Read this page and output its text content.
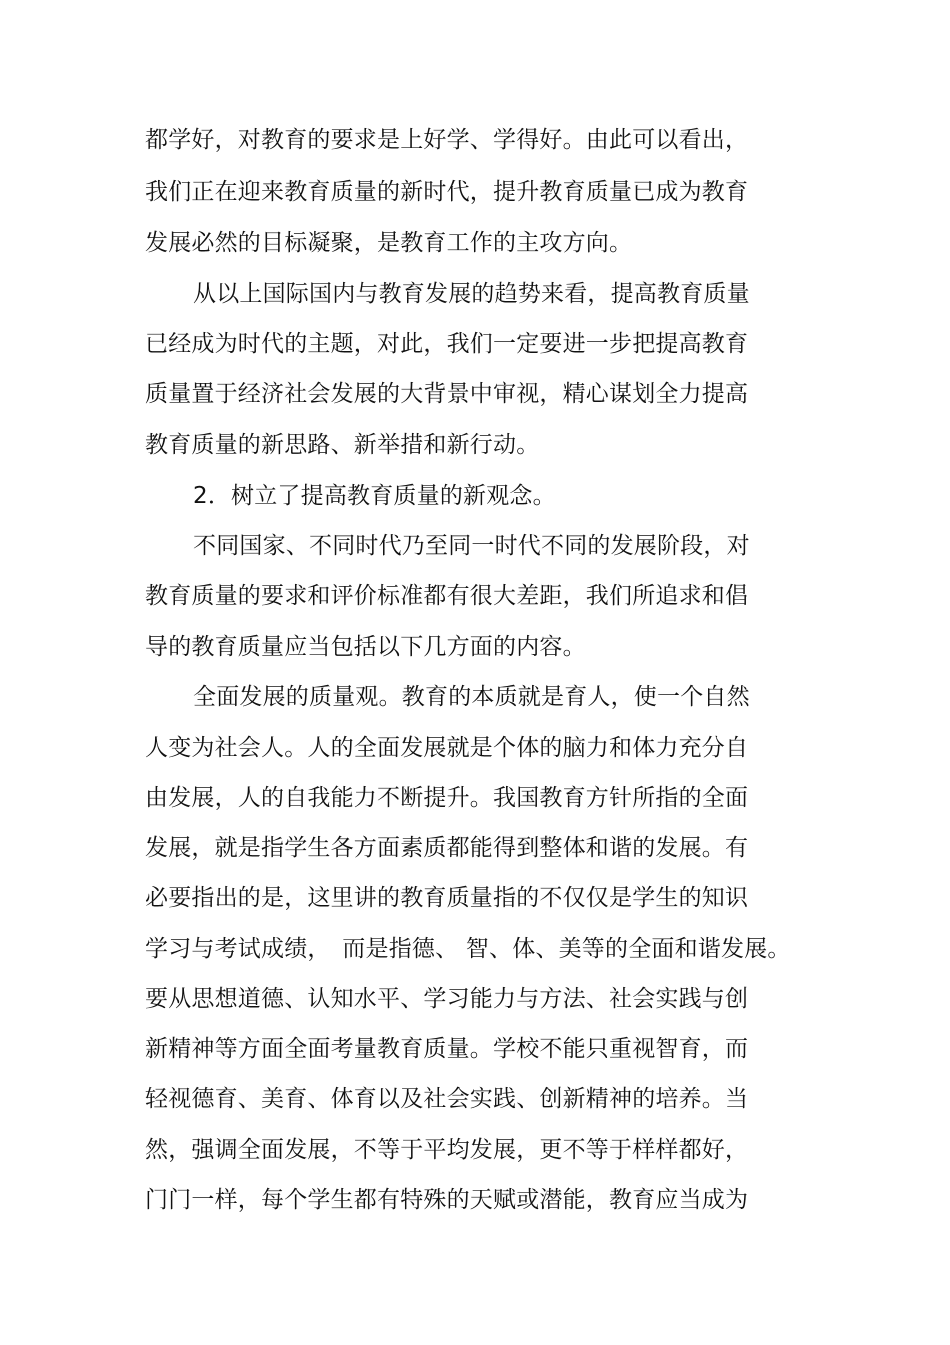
都学好，对教育的要求是上好学、学得好。由此可以看出，
我们正在迎来教育质量的新时代，提升教育质量已成为教育
发展必然的目标凝聚，是教育工作的主攻方向。
从以上国际国内与教育发展的趋势来看，提高教育质量
已经成为时代的主题，对此，我们一定要进一步把提高教育
质量置于经济社会发展的大背景中审视，精心谋划全力提高
教育质量的新思路、新举措和新行动。
2．树立了提高教育质量的新观念。
不同国家、不同时代乃至同一时代不同的发展阶段，对
教育质量的要求和评价标准都有很大差距，我们所追求和倡
导的教育质量应当包括以下几方面的内容。
全面发展的质量观。教育的本质就是育人，使一个自然
人变为社会人。人的全面发展就是个体的脑力和体力充分自
由发展，人的自我能力不断提升。我国教育方针所指的全面
发展，就是指学生各方面素质都能得到整体和谐的发展。有
必要指出的是，这里讲的教育质量指的不仅仅是学生的知识
学习与考试成绩，　而是指德、 智、体、美等的全面和谐发展。
要从思想道德、认知水平、学习能力与方法、社会实践与创
新精神等方面全面考量教育质量。学校不能只重视智育，而
轻视德育、美育、体育以及社会实践、创新精神的培养。当
然，强调全面发展，不等于平均发展，更不等于样样都好，
门门一样，每个学生都有特殊的天赋或潜能，教育应当成为
